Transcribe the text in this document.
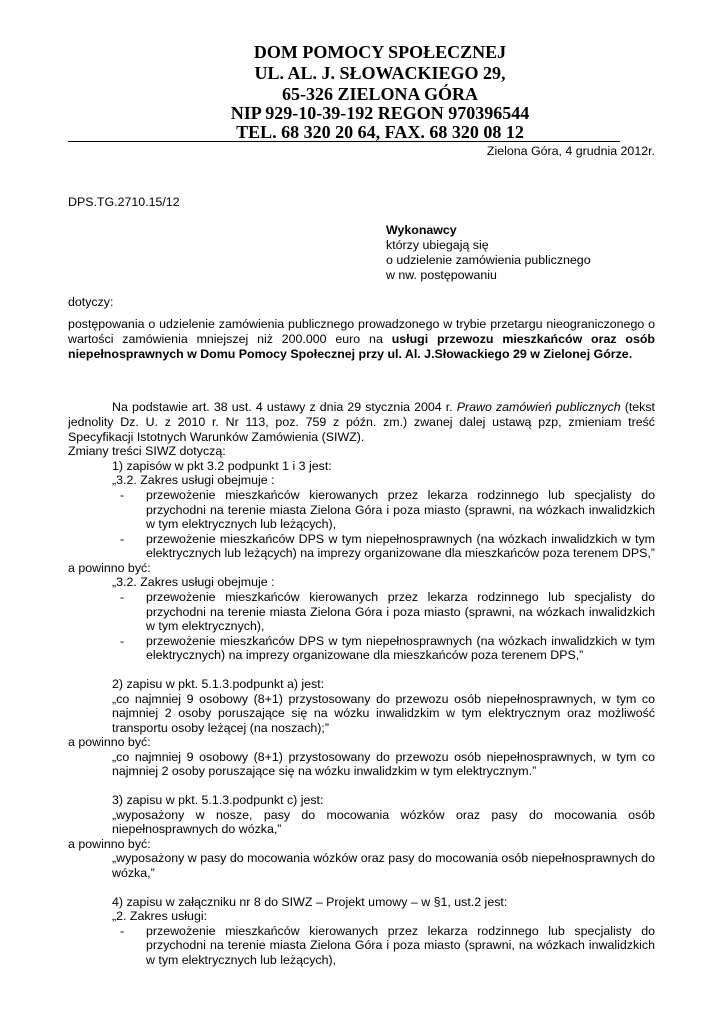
DOM POMOCY SPOŁECZNEJ
UL. AL. J. SŁOWACKIEGO 29,
65-326 ZIELONA GÓRA
NIP 929-10-39-192 REGON 970396544
TEL. 68 320 20 64, FAX. 68 320 08 12
Zielona Góra, 4 grudnia 2012r.
DPS.TG.2710.15/12
Wykonawcy
którzy ubiegają się
o udzielenie zamówienia publicznego
w nw. postępowaniu
dotyczy:
postępowania o udzielenie zamówienia publicznego prowadzonego w trybie przetargu nieograniczonego o
wartości zamówienia mniejszej niż 200.000 euro na usługi przewozu mieszkańców oraz osób
niepełnosprawnych w Domu Pomocy Społecznej przy ul. Al. J.Słowackiego 29 w Zielonej Górze.
Na podstawie art. 38 ust. 4 ustawy z dnia 29 stycznia 2004 r. Prawo zamówień publicznych (tekst
jednolity Dz. U. z 2010 r. Nr 113, poz. 759 z późn. zm.) zwanej dalej ustawą pzp, zmieniam treść
Specyfikacji Istotnych Warunków Zamówienia (SIWZ).
Zmiany treści SIWZ dotyczą:
1) zapisów w pkt 3.2 podpunkt 1 i 3 jest:
„3.2. Zakres usługi obejmuje :
- przewożenie mieszkańców kierowanych przez lekarza rodzinnego lub specjalisty do
przychodni na terenie miasta Zielona Góra i poza miasto (sprawni, na wózkach inwalidzkich
w tym elektrycznych lub leżących),
- przewożenie mieszkańców DPS w tym niepełnosprawnych (na wózkach inwalidzkich w tym
elektrycznych lub leżących) na imprezy organizowane dla mieszkańców poza terenem DPS,”
a powinno być:
„3.2. Zakres usługi obejmuje :
- przewożenie mieszkańców kierowanych przez lekarza rodzinnego lub specjalisty do
przychodni na terenie miasta Zielona Góra i poza miasto (sprawni, na wózkach inwalidzkich
w tym elektrycznych),
- przewożenie mieszkańców DPS w tym niepełnosprawnych (na wózkach inwalidzkich w tym
elektrycznych) na imprezy organizowane dla mieszkańców poza terenem DPS,”
2) zapisu w pkt. 5.1.3.podpunkt a) jest:
„co najmniej 9 osobowy (8+1) przystosowany do przewozu osób niepełnosprawnych, w tym co
najmniej 2 osoby poruszające się na wózku inwalidzkim w tym elektrycznym oraz możliwość
transportu osoby leżącej (na noszach);”
a powinno być:
„co najmniej 9 osobowy (8+1) przystosowany do przewozu osób niepełnosprawnych, w tym co
najmniej 2 osoby poruszające się na wózku inwalidzkim w tym elektrycznym.”
3) zapisu w pkt. 5.1.3.podpunkt c) jest:
„wyposażony w nosze, pasy do mocowania wózków oraz pasy do mocowania osób
niepełnosprawnych do wózka,”
a powinno być:
„wyposażony w pasy do mocowania wózków oraz pasy do mocowania osób niepełnosprawnych do
wózka,”
4) zapisu w załączniku nr 8 do SIWZ – Projekt umowy – w §1, ust.2 jest:
„2. Zakres usługi:
- przewożenie mieszkańców kierowanych przez lekarza rodzinnego lub specjalisty do
przychodni na terenie miasta Zielona Góra i poza miasto (sprawni, na wózkach inwalidzkich
w tym elektrycznych lub leżących),
